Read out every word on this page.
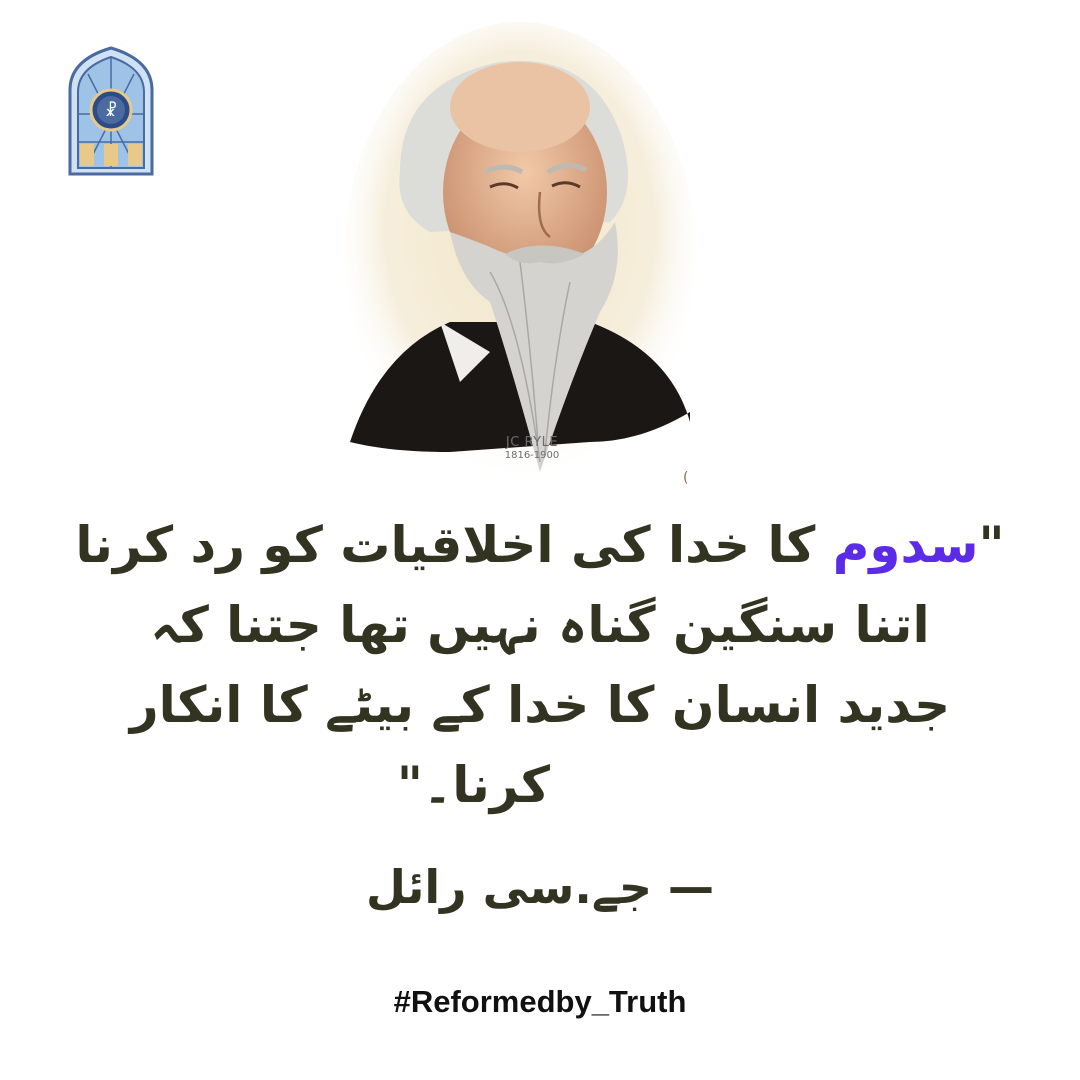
☧
JC RYLE
1816-1900
(
"سدوم کا خدا کی اخلاقیات کو رد کرنا
اتنا سنگین گناہ نہیں تھا جتنا کہ
جدید انسان کا خدا کے بیٹے کا انکار
کرنا۔"
— جے.سی رائل
#Reformedby_Truth
